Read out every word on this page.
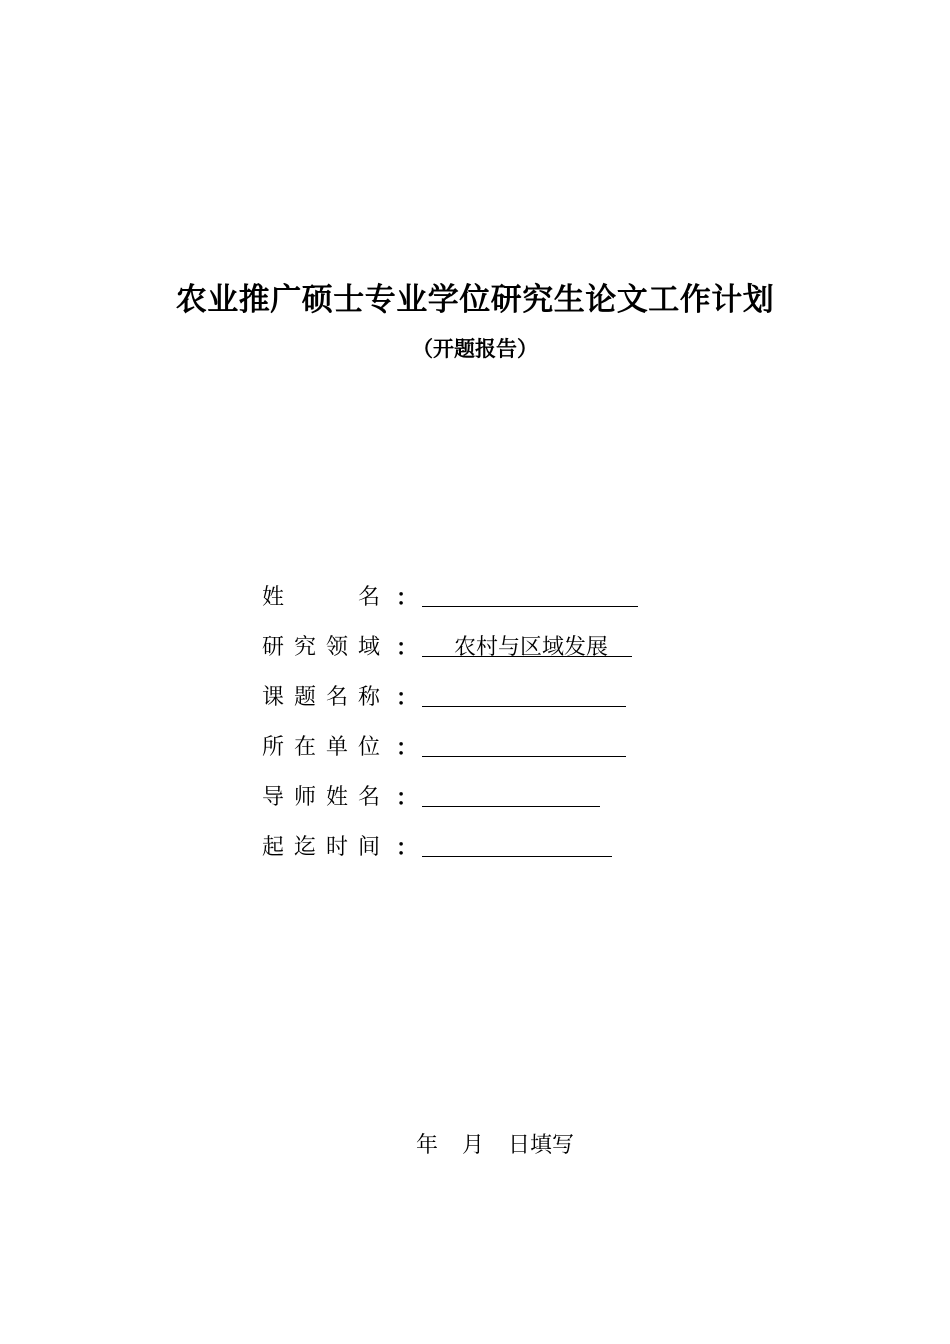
农业推广硕士专业学位研究生论文工作计划
（开题报告）
姓	名 ：
研 究 领 域 ： 农村与区域发展
课 题 名 称 ：
所 在 单 位 ：
导 师 姓 名 ：
起 迄 时 间 ：
年 月 日填写
